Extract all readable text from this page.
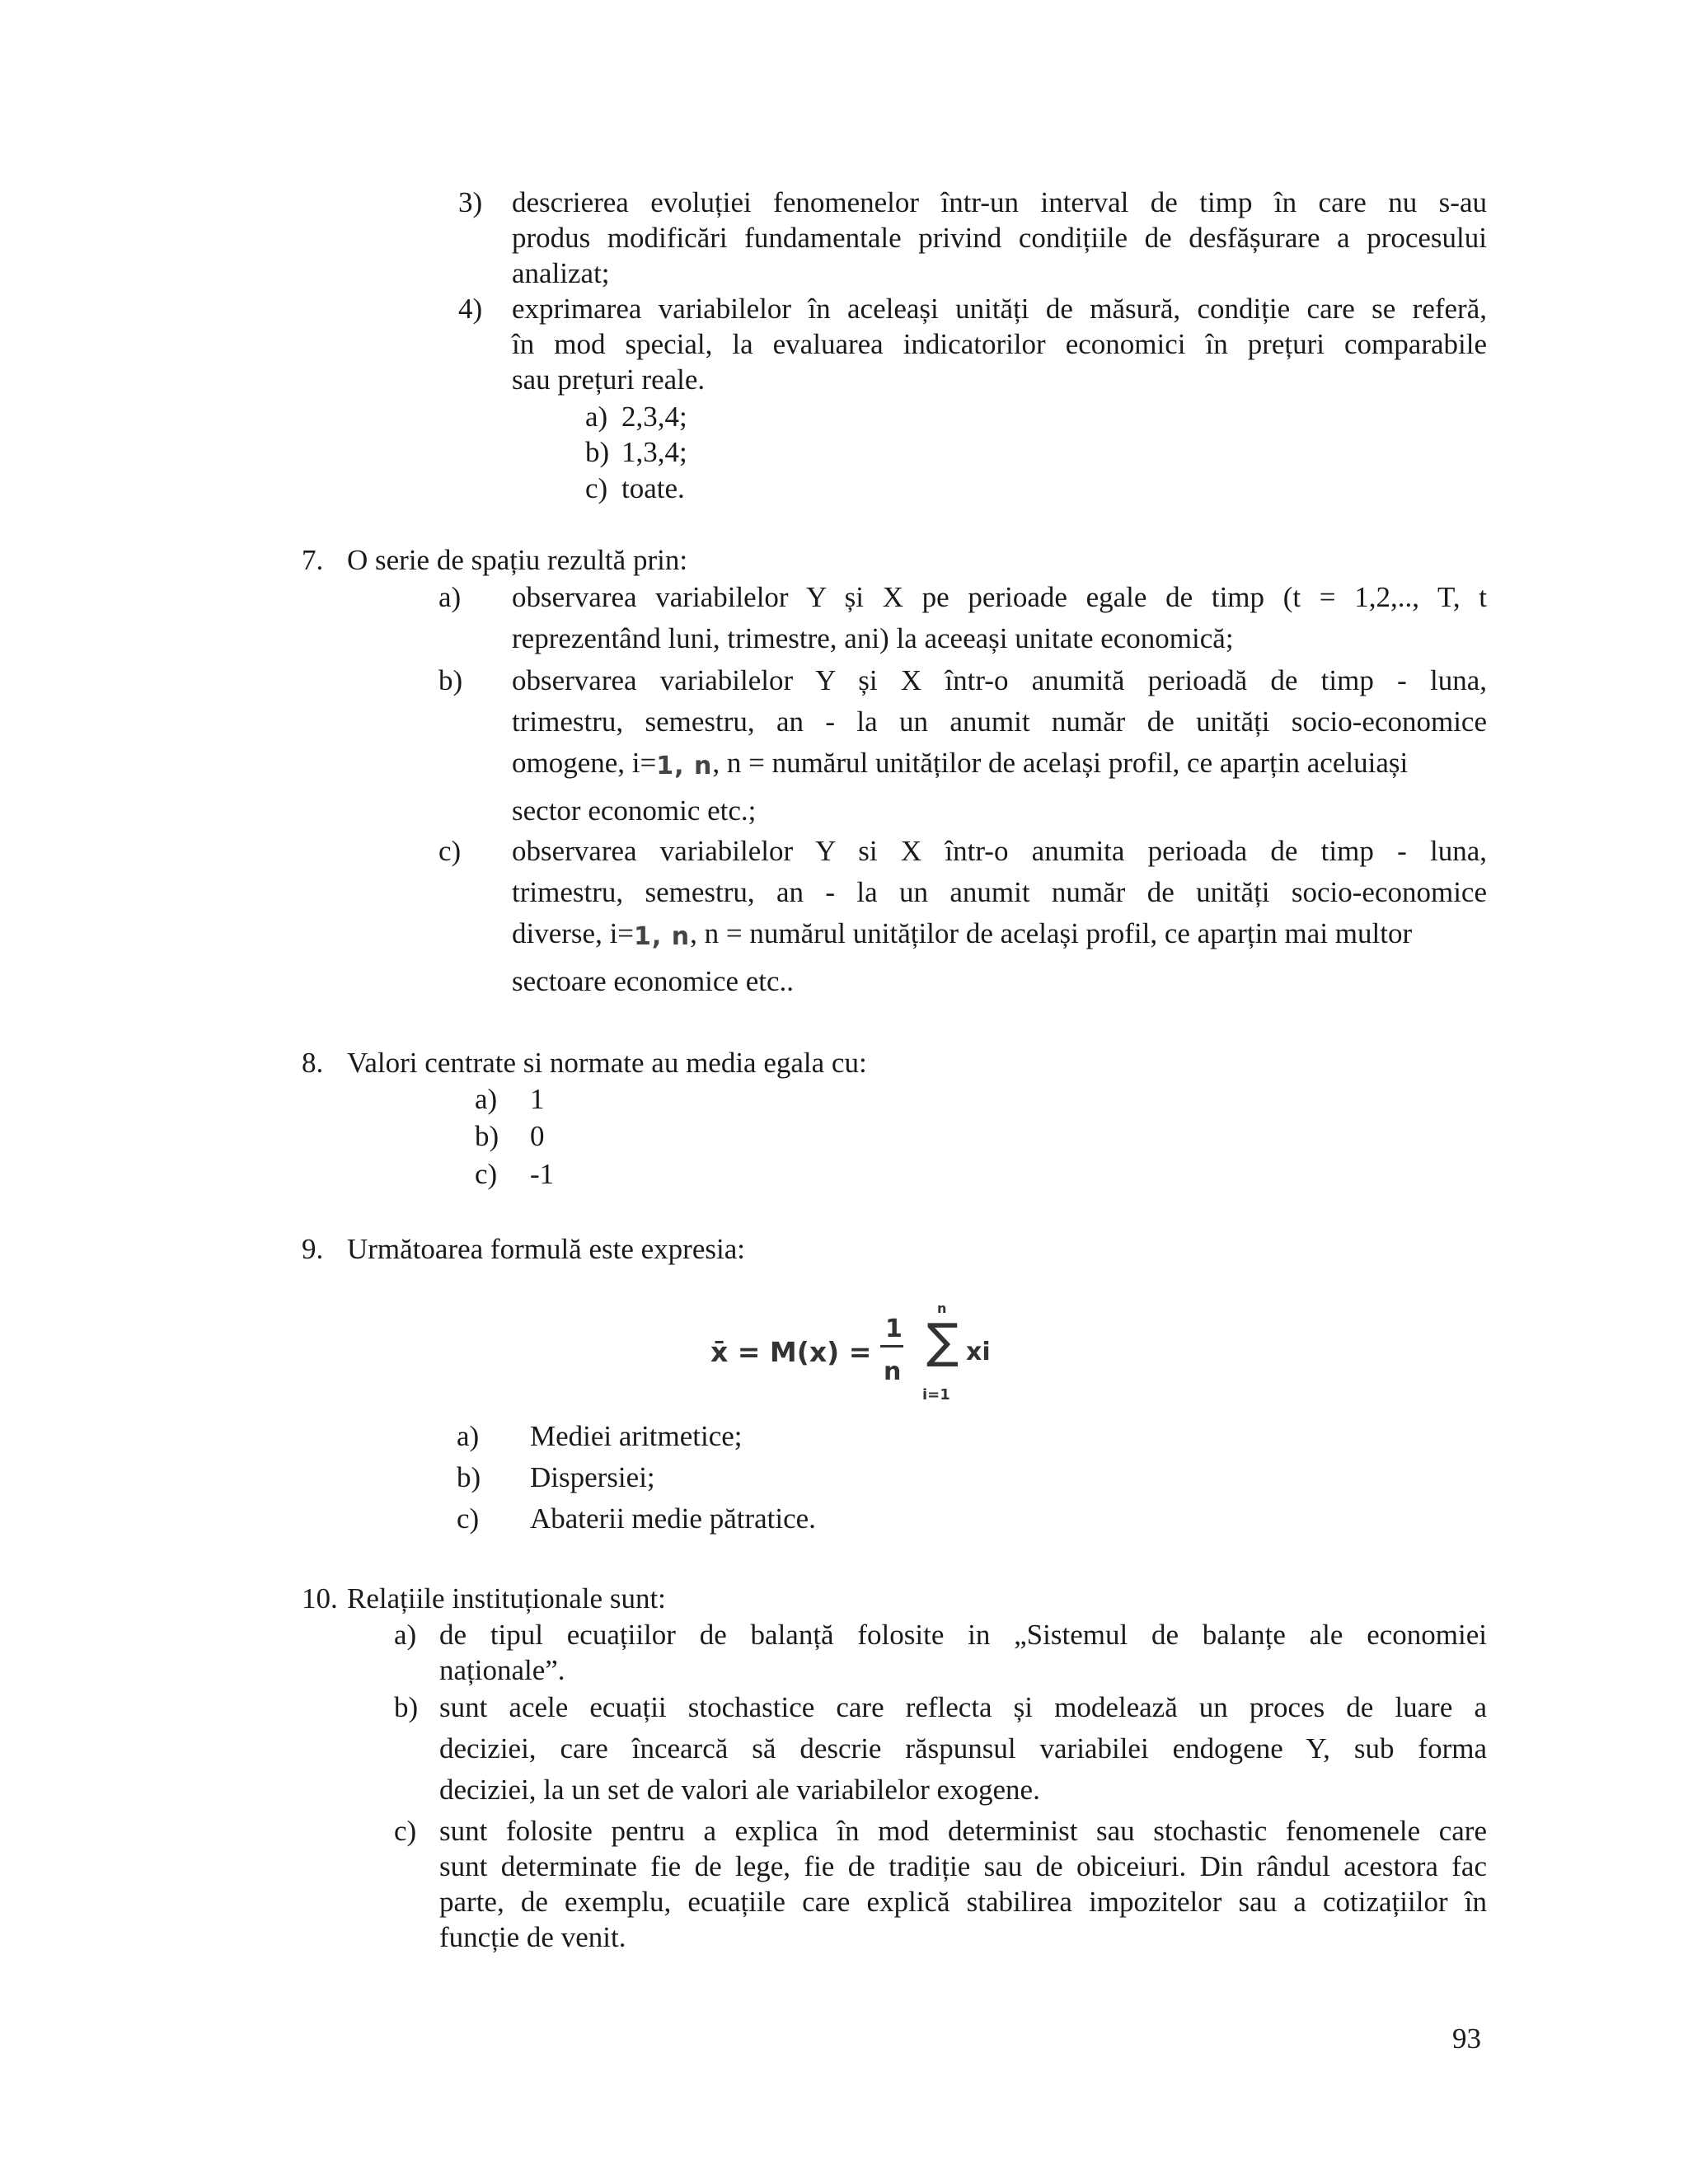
3) descrierea evoluției fenomenelor într-un interval de timp în care nu s-au
produs modificări fundamentale privind condițiile de desfășurare a procesului
analizat;
4) exprimarea variabilelor în aceleași unități de măsură, condiție care se referă,
în mod special, la evaluarea indicatorilor economici în prețuri comparabile
sau prețuri reale.
a) 2,3,4;
b) 1,3,4;
c) toate.
7. O serie de spațiu rezultă prin:
a) observarea variabilelor Y și X pe perioade egale de timp (t = 1,2,.., T, t
reprezentând luni, trimestre, ani) la aceeași unitate economică;
b) observarea variabilelor Y și X într-o anumită perioadă de timp - luna,
trimestru, semestru, an - la un anumit număr de unități socio-economice
omogene, i=1, n, n = numărul unităților de același profil, ce aparțin aceluiași
sector economic etc.;
c) observarea variabilelor Y si X într-o anumita perioada de timp - luna,
trimestru, semestru, an - la un anumit număr de unități socio-economice
diverse, i=1, n, n = numărul unităților de același profil, ce aparțin mai multor
sectoare economice etc..
8. Valori centrate si normate au media egala cu:
a) 1
b) 0
c) -1
9. Următoarea formulă este expresia:
x̄ = M(x) =
1
n
n
∑
i=1
xi
a) Mediei aritmetice;
b) Dispersiei;
c) Abaterii medie pătratice.
10. Relațiile instituționale sunt:
a) de tipul ecuațiilor de balanță folosite in „Sistemul de balanțe ale economiei
naționale”.
b) sunt acele ecuații stochastice care reflecta și modelează un proces de luare a
deciziei, care încearcă să descrie răspunsul variabilei endogene Y, sub forma
deciziei, la un set de valori ale variabilelor exogene.
c) sunt folosite pentru a explica în mod determinist sau stochastic fenomenele care
sunt determinate fie de lege, fie de tradiție sau de obiceiuri. Din rândul acestora fac
parte, de exemplu, ecuațiile care explică stabilirea impozitelor sau a cotizațiilor în
funcție de venit.
93
